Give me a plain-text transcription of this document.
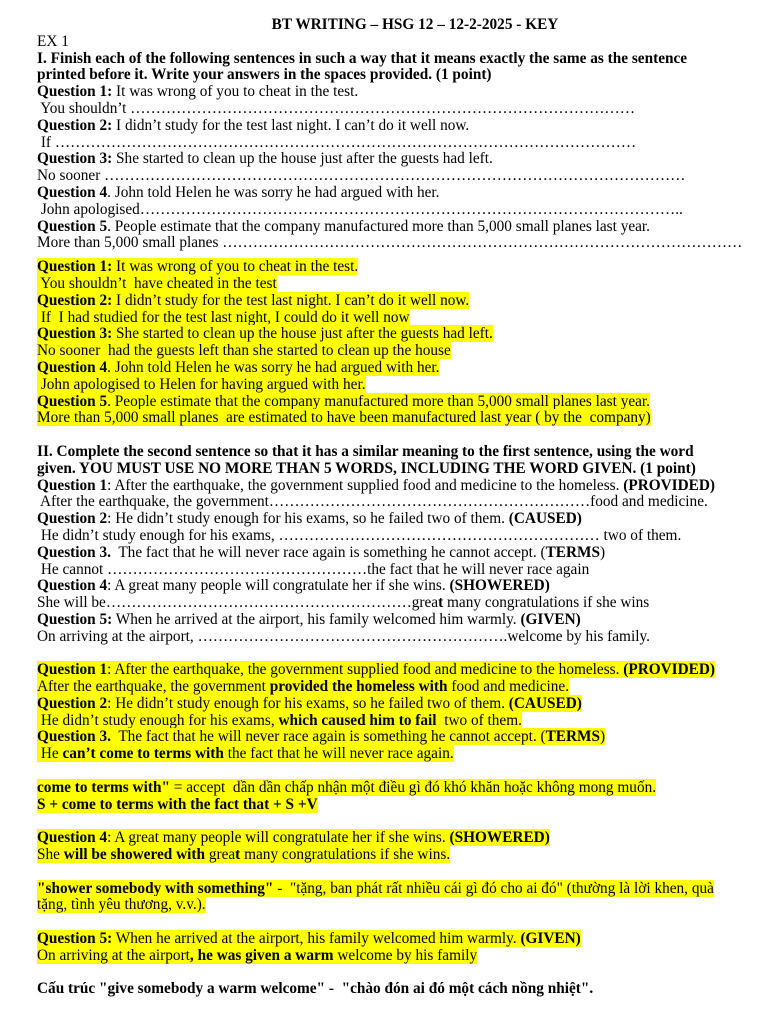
BT WRITING – HSG 12 – 12-2-2025 - KEY
EX 1
I. Finish each of the following sentences in such a way that it means exactly the same as the sentence
printed before it. Write your answers in the spaces provided. (1 point)
Question 1: It was wrong of you to cheat in the test.
You shouldn’t ………………………………………………………………………………………
Question 2: I didn’t study for the test last night. I can’t do it well now.
If ……………………………………………………………………………………………………
Question 3: She started to clean up the house just after the guests had left.
No sooner ……………………………………………………………………………………………………
Question 4. John told Helen he was sorry he had argued with her.
John apologised……………………………………………………………………………………………..
Question 5. People estimate that the company manufactured more than 5,000 small planes last year.
More than 5,000 small planes …………………………………………………………………………………………
Question 1: It was wrong of you to cheat in the test.
You shouldn’t  have cheated in the test
Question 2: I didn’t study for the test last night. I can’t do it well now.
If  I had studied for the test last night, I could do it well now
Question 3: She started to clean up the house just after the guests had left.
No sooner  had the guests left than she started to clean up the house
Question 4. John told Helen he was sorry he had argued with her.
John apologised to Helen for having argued with her.
Question 5. People estimate that the company manufactured more than 5,000 small planes last year.
More than 5,000 small planes  are estimated to have been manufactured last year ( by the  company)
II. Complete the second sentence so that it has a similar meaning to the first sentence, using the word
given. YOU MUST USE NO MORE THAN 5 WORDS, INCLUDING THE WORD GIVEN. (1 point)
Question 1: After the earthquake, the government supplied food and medicine to the homeless. (PROVIDED)
After the earthquake, the government………………………………………………………food and medicine.
Question 2: He didn’t study enough for his exams, so he failed two of them. (CAUSED)
He didn’t study enough for his exams, ……………………………………………………… two of them.
Question 3.  The fact that he will never race again is something he cannot accept. (TERMS)
He cannot ……………………………………………the fact that he will never race again
Question 4: A great many people will congratulate her if she wins. (SHOWERED)
She will be……………………………………………………great many congratulations if she wins
Question 5: When he arrived at the airport, his family welcomed him warmly. (GIVEN)
On arriving at the airport, …………………………………………………….welcome by his family.
Question 1: After the earthquake, the government supplied food and medicine to the homeless. (PROVIDED)
After the earthquake, the government provided the homeless with food and medicine.
Question 2: He didn’t study enough for his exams, so he failed two of them. (CAUSED)
He didn’t study enough for his exams, which caused him to fail  two of them.
Question 3.  The fact that he will never race again is something he cannot accept. (TERMS)
He can’t come to terms with the fact that he will never race again.
come to terms with" = accept  dần dần chấp nhận một điều gì đó khó khăn hoặc không mong muốn.
S + come to terms with the fact that + S +V
Question 4: A great many people will congratulate her if she wins. (SHOWERED)
She will be showered with great many congratulations if she wins.
"shower somebody with something" -  "tặng, ban phát rất nhiều cái gì đó cho ai đó" (thường là lời khen, quà
tặng, tình yêu thương, v.v.).
Question 5: When he arrived at the airport, his family welcomed him warmly. (GIVEN)
On arriving at the airport, he was given a warm welcome by his family
Cấu trúc "give somebody a warm welcome" -  "chào đón ai đó một cách nồng nhiệt".
